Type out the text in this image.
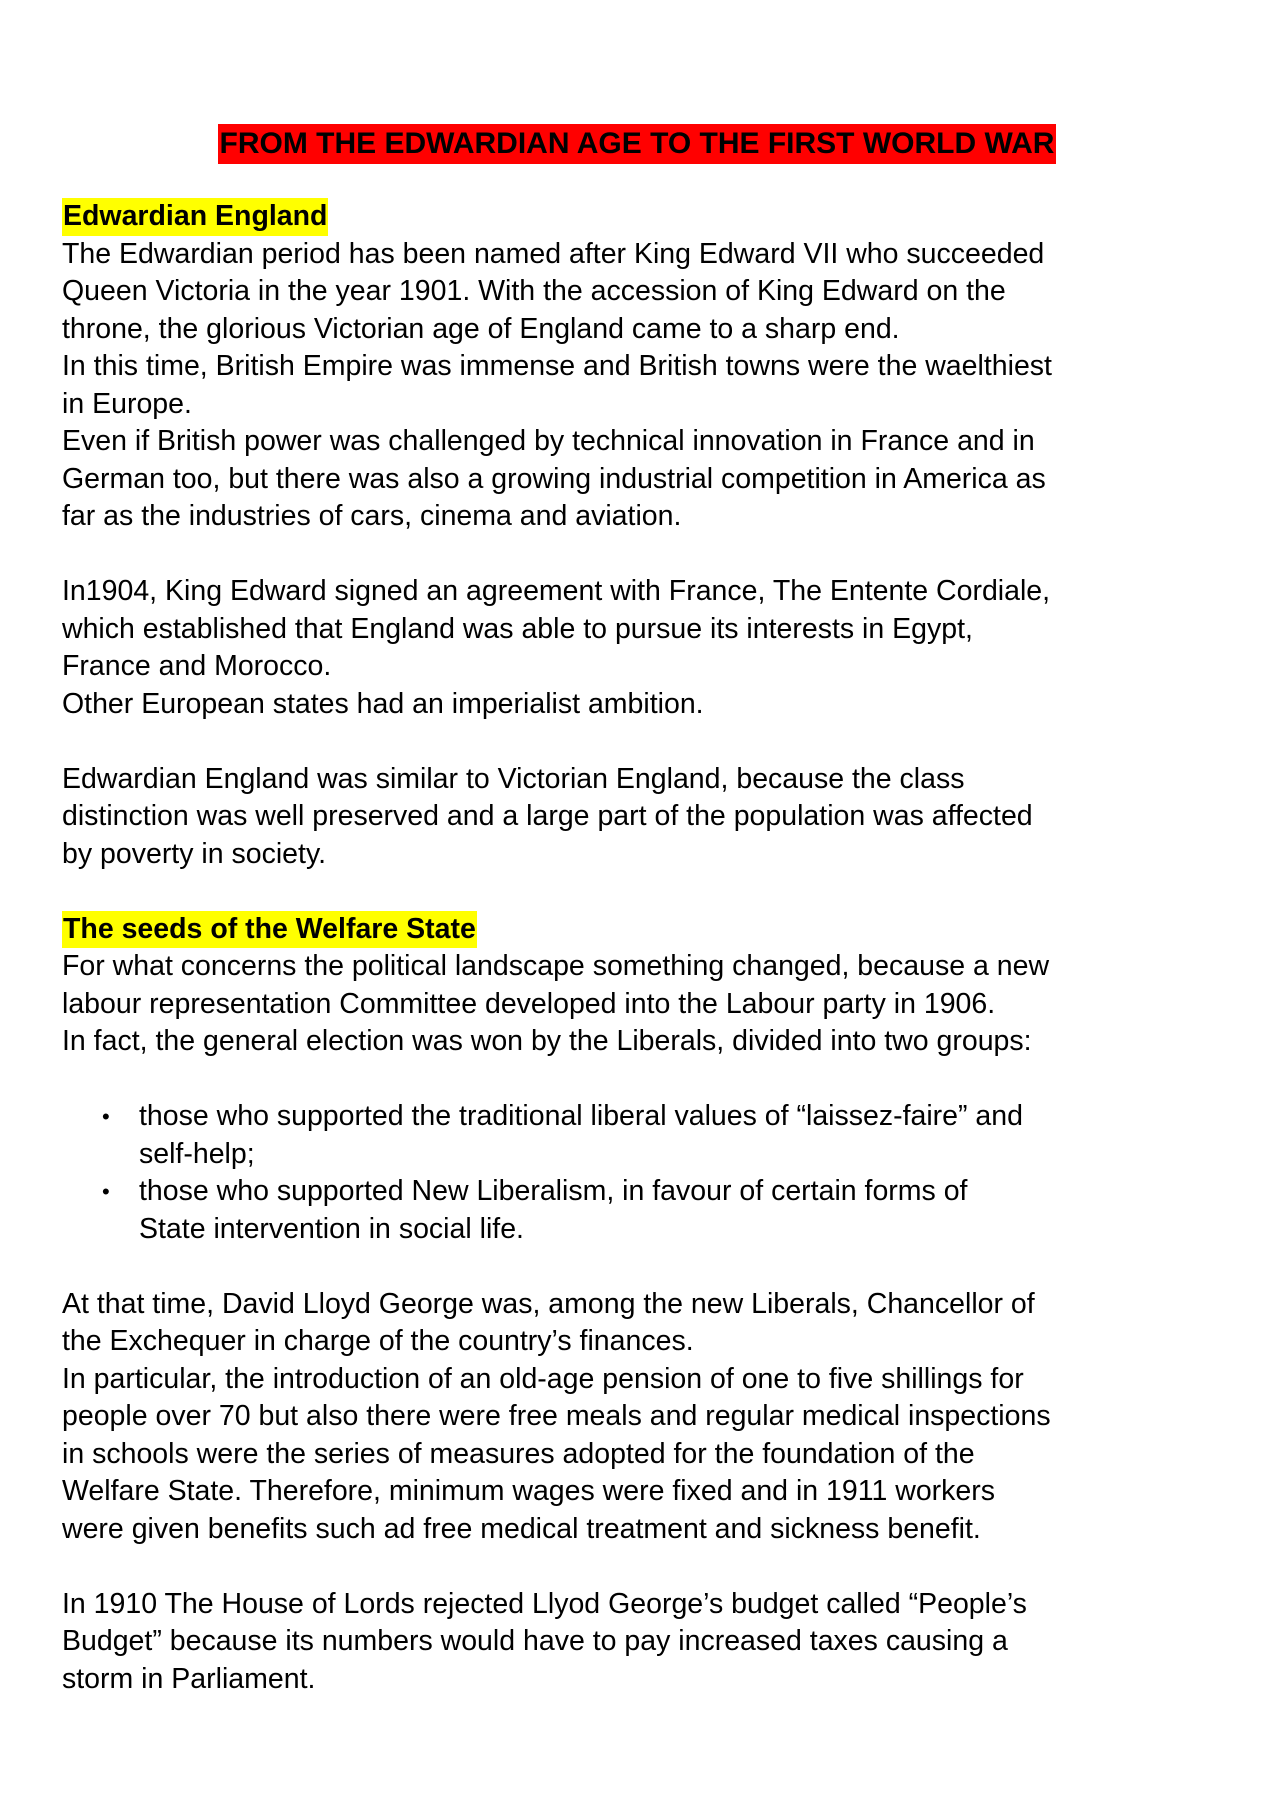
FROM THE EDWARDIAN AGE TO THE FIRST WORLD WAR
Edwardian England

The Edwardian period has been named after King Edward VII who succeeded

Queen Victoria in the year 1901. With the accession of King Edward on the

throne, the glorious Victorian age of England came to a sharp end.

In this time, British Empire was immense and British towns were the waelthiest

in Europe.

Even if British power was challenged by technical innovation in France and in

German too, but there was also a growing industrial competition in America as

far as the industries of cars, cinema and aviation.

In1904, King Edward signed an agreement with France, The Entente Cordiale,

which established that England was able to pursue its interests in Egypt,

France and Morocco.

Other European states had an imperialist ambition.

Edwardian England was similar to Victorian England, because the class

distinction was well preserved and a large part of the population was affected

by poverty in society.

The seeds of the Welfare State

For what concerns the political landscape something changed, because a new

labour representation Committee developed into the Labour party in 1906.

In fact, the general election was won by the Liberals, divided into two groups:

• those who supported the traditional liberal values of “laissez-faire” and

self-help;

• those who supported New Liberalism, in favour of certain forms of

State intervention in social life.

At that time, David Lloyd George was, among the new Liberals, Chancellor of

the Exchequer in charge of the country’s finances.

In particular, the introduction of an old-age pension of one to five shillings for

people over 70 but also there were free meals and regular medical inspections

in schools were the series of measures adopted for the foundation of the

Welfare State. Therefore, minimum wages were fixed and in 1911 workers

were given benefits such ad free medical treatment and sickness benefit.

In 1910 The House of Lords rejected Llyod George’s budget called “People’s

Budget” because its numbers would have to pay increased taxes causing a

storm in Parliament.
